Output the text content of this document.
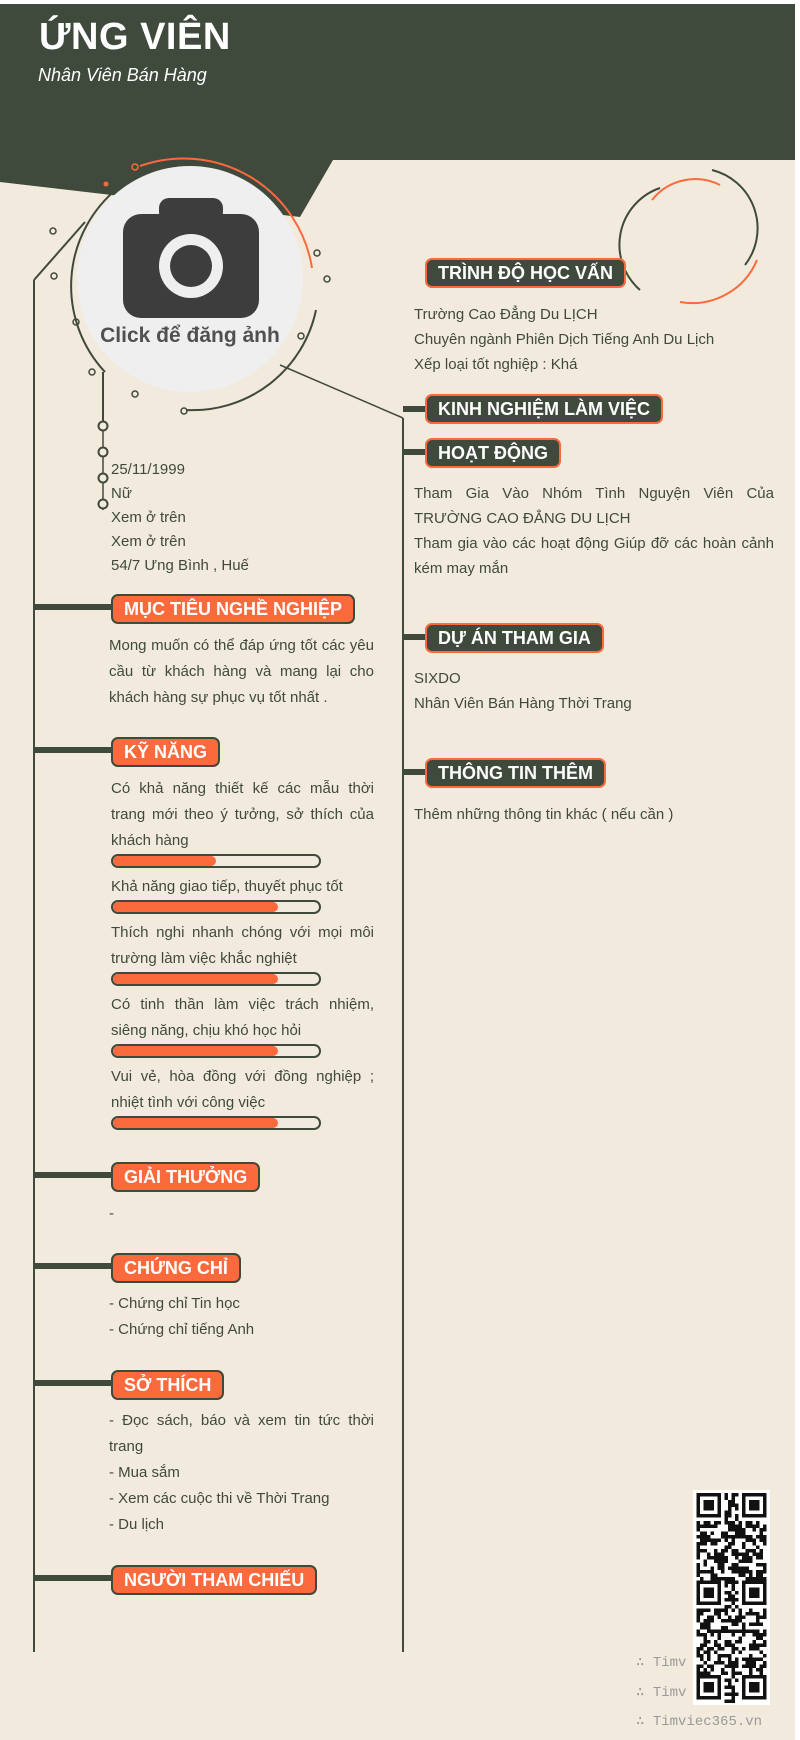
ỨNG VIÊN
Nhân Viên Bán Hàng
Click để đăng ảnh
25/11/1999
Nữ
Xem ở trên
Xem ở trên
54/7 Ưng Bình , Huế
MỤC TIÊU NGHỀ NGHIỆP
Mong muốn có thể đáp ứng tốt các yêu cầu từ khách hàng và mang lại cho khách hàng sự phục vụ tốt nhất .
KỸ NĂNG
Có khả năng thiết kế các mẫu thời trang mới theo ý tưởng, sở thích của khách hàng
Khả năng giao tiếp, thuyết phục tốt
Thích nghi nhanh chóng với mọi môi trường làm việc khắc nghiệt
Có tinh thần làm việc trách nhiệm, siêng năng, chịu khó học hỏi
Vui vẻ, hòa đồng với đồng nghiệp ; nhiệt tình với công việc
GIẢI THƯỞNG
-
CHỨNG CHỈ
- Chứng chỉ Tin học
- Chứng chỉ tiếng Anh
SỞ THÍCH
- Đọc sách, báo và xem tin tức thời trang
- Mua sắm
- Xem các cuộc thi về Thời Trang
- Du lịch
NGƯỜI THAM CHIẾU
TRÌNH ĐỘ HỌC VẤN
Trường Cao Đẳng Du LỊCH
Chuyên ngành Phiên Dịch Tiếng Anh Du Lịch
Xếp loại tốt nghiệp : Khá
KINH NGHIỆM LÀM VIỆC
HOẠT ĐỘNG
Tham Gia Vào Nhóm Tình Nguyện Viên Của TRƯỜNG CAO ĐẲNG DU LỊCH
Tham gia vào các hoạt động Giúp đỡ các hoàn cảnh kém may mắn
DỰ ÁN THAM GIA
SIXDO
Nhân Viên Bán Hàng Thời Trang
THÔNG TIN THÊM
Thêm những thông tin khác ( nếu cần )
∴ Timv
∴ Timv
∴ Timviec365.vn
